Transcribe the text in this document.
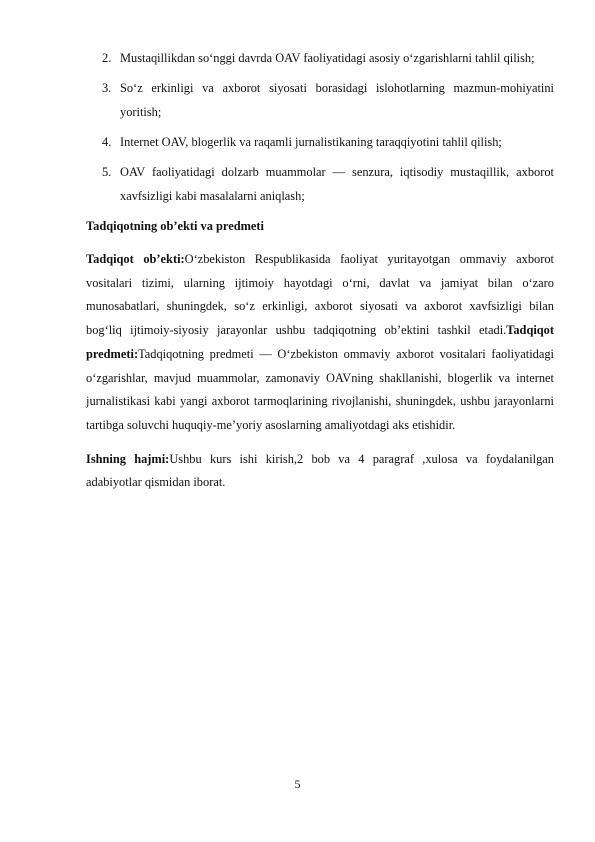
2. Mustaqillikdan so‘nggi davrda OAV faoliyatidagi asosiy o‘zgarishlarni tahlil qilish;
3. So‘z erkinligi va axborot siyosati borasidagi islohotlarning mazmun-mohiyatini yoritish;
4. Internet OAV, blogerlik va raqamli jurnalistikaning taraqqiyotini tahlil qilish;
5. OAV faoliyatidagi dolzarb muammolar — senzura, iqtisodiy mustaqillik, axborot xavfsizligi kabi masalalarni aniqlash;
Tadqiqotning ob’ekti va predmeti

Tadqiqot ob’ekti:O‘zbekiston Respublikasida faoliyat yuritayotgan ommaviy axborot vositalari tizimi, ularning ijtimoiy hayotdagi o‘rni, davlat va jamiyat bilan o‘zaro munosabatlari, shuningdek, so‘z erkinligi, axborot siyosati va axborot xavfsizligi bilan bog‘liq ijtimoiy-siyosiy jarayonlar ushbu tadqiqotning ob’ektini tashkil etadi.Tadqiqot predmeti:Tadqiqotning predmeti — O‘zbekiston ommaviy axborot vositalari faoliyatidagi o‘zgarishlar, mavjud muammolar, zamonaviy OAVning shakllanishi, blogerlik va internet jurnalistikasi kabi yangi axborot tarmoqlarining rivojlanishi, shuningdek, ushbu jarayonlarni tartibga soluvchi huquqiy-me’yoriy asoslarning amaliyotdagi aks etishidir.

Ishning hajmi:Ushbu kurs ishi kirish,2 bob va 4 paragraf ,xulosa va foydalanilgan adabiyotlar qismidan iborat.

5
